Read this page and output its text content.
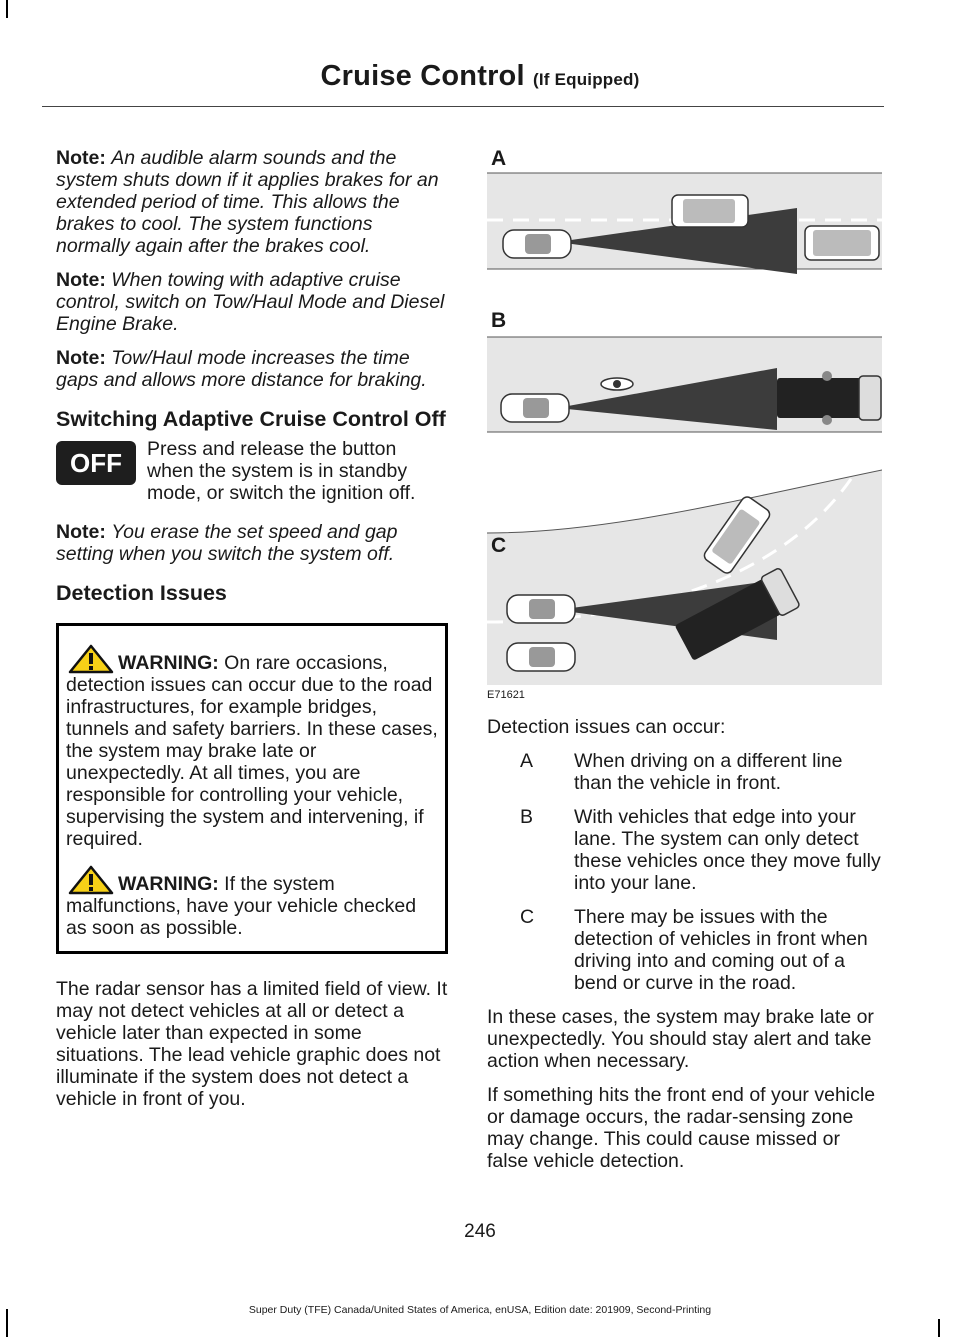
Cruise Control (If Equipped)

Note: An audible alarm sounds and the system shuts down if it applies brakes for an extended period of time. This allows the brakes to cool. The system functions normally again after the brakes cool.

Note: When towing with adaptive cruise control, switch on Tow/Haul Mode and Diesel Engine Brake.

Note: Tow/Haul mode increases the time gaps and allows more distance for braking.

Switching Adaptive Cruise Control Off
OFF	Press and release the button when the system is in standby mode, or switch the ignition off.

Note: You erase the set speed and gap setting when you switch the system off.

Detection Issues

WARNING: On rare occasions, detection issues can occur due to the road infrastructures, for example bridges, tunnels and safety barriers. In these cases, the system may brake late or unexpectedly. At all times, you are responsible for controlling your vehicle, supervising the system and intervening, if required.

WARNING: If the system malfunctions, have your vehicle checked as soon as possible.

The radar sensor has a limited field of view. It may not detect vehicles at all or detect a vehicle later than expected in some situations. The lead vehicle graphic does not illuminate if the system does not detect a vehicle in front of you.

A
B
C
E71621

Detection issues can occur:

A When driving on a different line than the vehicle in front.

B With vehicles that edge into your lane. The system can only detect these vehicles once they move fully into your lane.

C There may be issues with the detection of vehicles in front when driving into and coming out of a bend or curve in the road.

In these cases, the system may brake late or unexpectedly. You should stay alert and take action when necessary.

If something hits the front end of your vehicle or damage occurs, the radar-sensing zone may change. This could cause missed or false vehicle detection.

246
Super Duty (TFE) Canada/United States of America, enUSA, Edition date: 201909, Second-Printing
